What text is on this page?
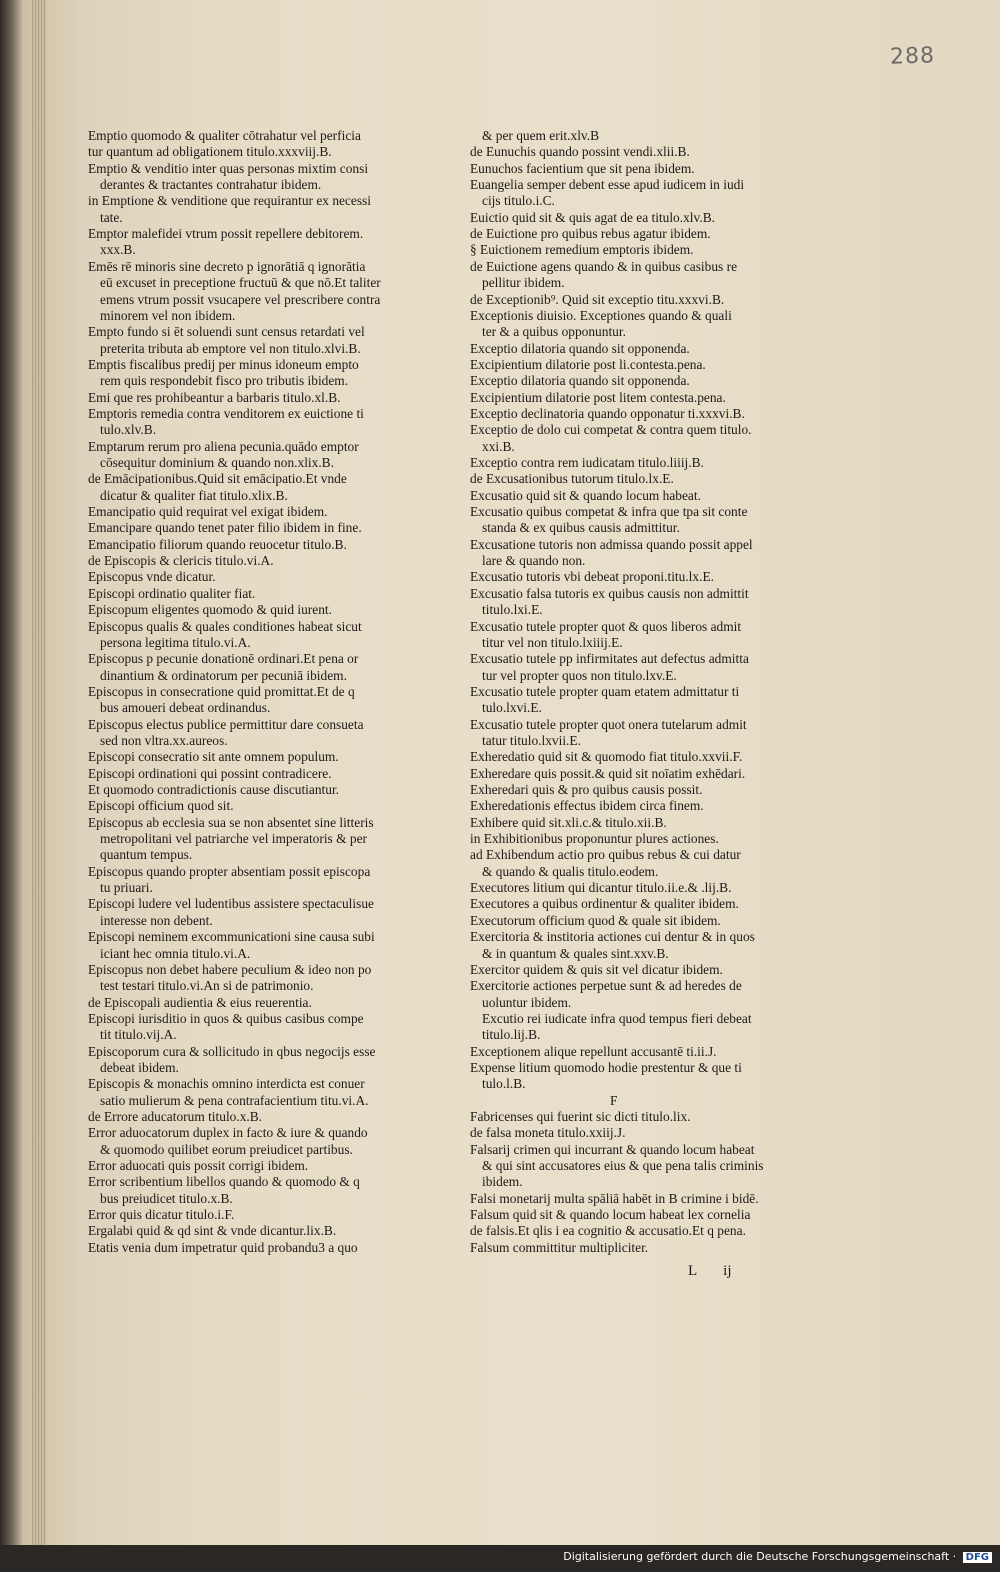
288
Emptio quomodo & qualiter cōtrahatur vel perficia
tur quantum ad obligationem titulo.xxxviij.B.
Emptio & venditio inter quas personas mixtim consi
derantes & tractantes contrahatur ibidem.
in Emptione & venditione que requirantur ex necessi
tate.
Emptor malefidei vtrum possit repellere debitorem.
xxx.B.
Emēs rē minoris sine decreto p ignorātiā q ignorātia
eū excuset in preceptione fructuū & que nō.Et taliter
emens vtrum possit vsucapere vel prescribere contra
minorem vel non ibidem.
Empto fundo si ēt soluendi sunt census retardati vel
preterita tributa ab emptore vel non titulo.xlvi.B.
Emptis fiscalibus predij per minus idoneum empto
rem quis respondebit fisco pro tributis ibidem.
Emi que res prohibeantur a barbaris titulo.xl.B.
Emptoris remedia contra venditorem ex euictione ti
tulo.xlv.B.
Emptarum rerum pro aliena pecunia.quādo emptor
cōsequitur dominium & quando non.xlix.B.
de Emācipationibus.Quid sit emācipatio.Et vnde
dicatur & qualiter fiat titulo.xlix.B.
Emancipatio quid requirat vel exigat ibidem.
Emancipare quando tenet pater filio ibidem in fine.
Emancipatio filiorum quando reuocetur titulo.B.
de Episcopis & clericis titulo.vi.A.
Episcopus vnde dicatur.
Episcopi ordinatio qualiter fiat.
Episcopum eligentes quomodo & quid iurent.
Episcopus qualis & quales conditiones habeat sicut
persona legitima titulo.vi.A.
Episcopus p pecunie donationē ordinari.Et pena or
dinantium & ordinatorum per pecuniā ibidem.
Episcopus in consecratione quid promittat.Et de q
bus amoueri debeat ordinandus.
Episcopus electus publice permittitur dare consueta
sed non vltra.xx.aureos.
Episcopi consecratio sit ante omnem populum.
Episcopi ordinationi qui possint contradicere.
Et quomodo contradictionis cause discutiantur.
Episcopi officium quod sit.
Episcopus ab ecclesia sua se non absentet sine litteris
metropolitani vel patriarche vel imperatoris & per
quantum tempus.
Episcopus quando propter absentiam possit episcopa
tu priuari.
Episcopi ludere vel ludentibus assistere spectaculisue
interesse non debent.
Episcopi neminem excommunicationi sine causa subi
iciant hec omnia titulo.vi.A.
Episcopus non debet habere peculium & ideo non po
test testari titulo.vi.An si de patrimonio.
de Episcopali audientia & eius reuerentia.
Episcopi iurisditio in quos & quibus casibus compe
tit titulo.vij.A.
Episcoporum cura & sollicitudo in qbus negocijs esse
debeat ibidem.
Episcopis & monachis omnino interdicta est conuer
satio mulierum & pena contrafacientium titu.vi.A.
de Errore aducatorum titulo.x.B.
Error aduocatorum duplex in facto & iure & quando
& quomodo quilibet eorum preiudicet partibus.
Error aduocati quis possit corrigi ibidem.
Error scribentium libellos quando & quomodo & q
bus preiudicet titulo.x.B.
Error quis dicatur titulo.i.F.
Ergalabi quid & qd sint & vnde dicantur.lix.B.
Etatis venia dum impetratur quid probandu3 a quo
& per quem erit.xlv.B
de Eunuchis quando possint vendi.xlii.B.
Eunuchos facientium que sit pena ibidem.
Euangelia semper debent esse apud iudicem in iudi
cijs titulo.i.C.
Euictio quid sit & quis agat de ea titulo.xlv.B.
de Euictione pro quibus rebus agatur ibidem.
§ Euictionem remedium emptoris ibidem.
de Euictione agens quando & in quibus casibus re
pellitur ibidem.
de Exceptionib⁹. Quid sit exceptio titu.xxxvi.B.
Exceptionis diuisio. Exceptiones quando & quali
ter & a quibus opponuntur.
Exceptio dilatoria quando sit opponenda.
Excipientium dilatorie post li.contesta.pena.
Exceptio dilatoria quando sit opponenda.
Excipientium dilatorie post litem contesta.pena.
Exceptio declinatoria quando opponatur ti.xxxvi.B.
Exceptio de dolo cui competat & contra quem titulo.
xxi.B.
Exceptio contra rem iudicatam titulo.liiij.B.
de Excusationibus tutorum titulo.lx.E.
Excusatio quid sit & quando locum habeat.
Excusatio quibus competat & infra que tpa sit conte
standa & ex quibus causis admittitur.
Excusatione tutoris non admissa quando possit appel
lare & quando non.
Excusatio tutoris vbi debeat proponi.titu.lx.E.
Excusatio falsa tutoris ex quibus causis non admittit
titulo.lxi.E.
Excusatio tutele propter quot & quos liberos admit
titur vel non titulo.lxiiij.E.
Excusatio tutele pp infirmitates aut defectus admitta
tur vel propter quos non titulo.lxv.E.
Excusatio tutele propter quam etatem admittatur ti
tulo.lxvi.E.
Excusatio tutele propter quot onera tutelarum admit
tatur titulo.lxvii.E.
Exheredatio quid sit & quomodo fiat titulo.xxvii.F.
Exheredare quis possit.& quid sit noīatim exhēdari.
Exheredari quis & pro quibus causis possit.
Exheredationis effectus ibidem circa finem.
Exhibere quid sit.xli.c.& titulo.xii.B.
in Exhibitionibus proponuntur plures actiones.
ad Exhibendum actio pro quibus rebus & cui datur
& quando & qualis titulo.eodem.
Executores litium qui dicantur titulo.ii.e.& .lij.B.
Executores a quibus ordinentur & qualiter ibidem.
Executorum officium quod & quale sit ibidem.
Exercitoria & institoria actiones cui dentur & in quos
& in quantum & quales sint.xxv.B.
Exercitor quidem & quis sit vel dicatur ibidem.
Exercitorie actiones perpetue sunt & ad heredes de
uoluntur ibidem.
Excutio rei iudicate infra quod tempus fieri debeat
titulo.lij.B.
Exceptionem alique repellunt accusantē ti.ii.J.
Expense litium quomodo hodie prestentur & que ti
tulo.l.B.
F
Fabricenses qui fuerint sic dicti titulo.lix.
de falsa moneta titulo.xxiij.J.
Falsarij crimen qui incurrant & quando locum habeat
& qui sint accusatores eius & que pena talis criminis
ibidem.
Falsi monetarij multa spāliā habēt in B crimine i bidē.
Falsum quid sit & quando locum habeat lex cornelia
de falsis.Et qlis i ea cognitio & accusatio.Et q pena.
Falsum committitur multipliciter.
L ij
Digitalisierung gefördert durch die Deutsche Forschungsgemeinschaft · DFG
